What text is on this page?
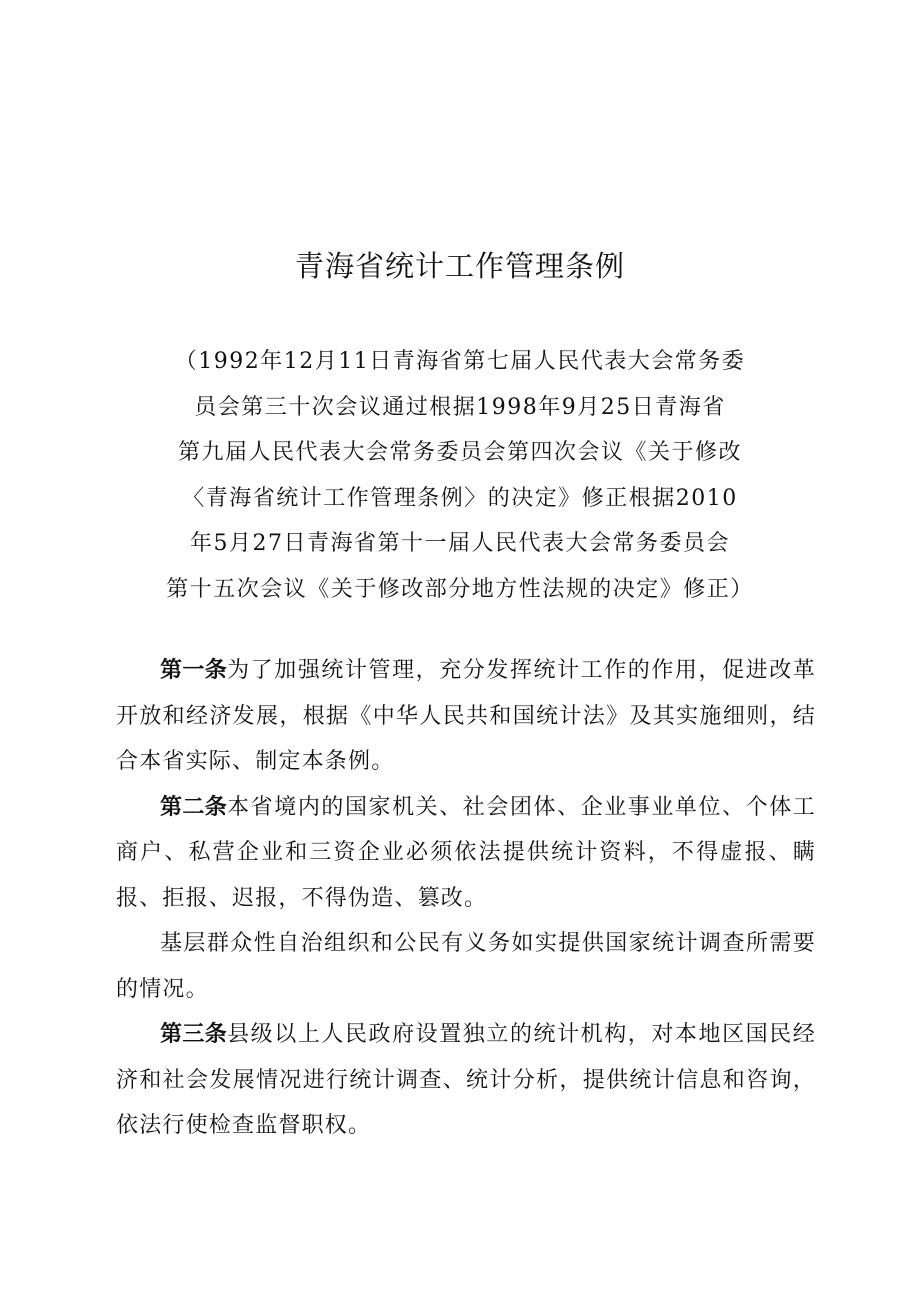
青海省统计工作管理条例
（1992年12月11日青海省第七届人民代表大会常务委
员会第三十次会议通过根据1998年9月25日青海省
第九届人民代表大会常务委员会第四次会议《关于修改
〈青海省统计工作管理条例〉的决定》修正根据2010
年5月27日青海省第十一届人民代表大会常务委员会
第十五次会议《关于修改部分地方性法规的决定》修正）

第一条为了加强统计管理，充分发挥统计工作的作用，促进改革开放和经济发展，根据《中华人民共和国统计法》及其实施细则，结合本省实际、制定本条例。

第二条本省境内的国家机关、社会团体、企业事业单位、个体工商户、私营企业和三资企业必须依法提供统计资料，不得虚报、瞒报、拒报、迟报，不得伪造、篡改。

基层群众性自治组织和公民有义务如实提供国家统计调查所需要的情况。

第三条县级以上人民政府设置独立的统计机构，对本地区国民经济和社会发展情况进行统计调查、统计分析，提供统计信息和咨询，依法行使检查监督职权。
